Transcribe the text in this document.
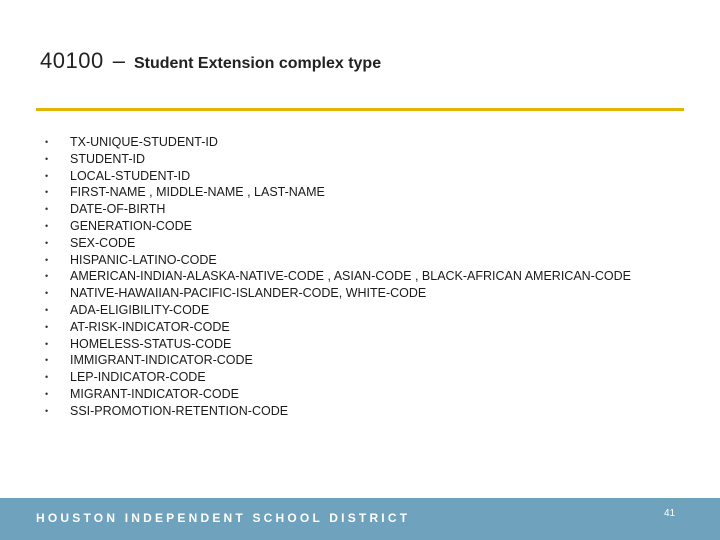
40100 – Student Extension complex type
• TX-UNIQUE-STUDENT-ID
• STUDENT-ID
• LOCAL-STUDENT-ID
• FIRST-NAME , MIDDLE-NAME , LAST-NAME
• DATE-OF-BIRTH
• GENERATION-CODE
• SEX-CODE
• HISPANIC-LATINO-CODE
• AMERICAN-INDIAN-ALASKA-NATIVE-CODE , ASIAN-CODE , BLACK-AFRICAN AMERICAN-CODE
• NATIVE-HAWAIIAN-PACIFIC-ISLANDER-CODE, WHITE-CODE
• ADA-ELIGIBILITY-CODE
• AT-RISK-INDICATOR-CODE
• HOMELESS-STATUS-CODE
• IMMIGRANT-INDICATOR-CODE
• LEP-INDICATOR-CODE
• MIGRANT-INDICATOR-CODE
• SSI-PROMOTION-RETENTION-CODE
HOUSTON INDEPENDENT SCHOOL DISTRICT	41
